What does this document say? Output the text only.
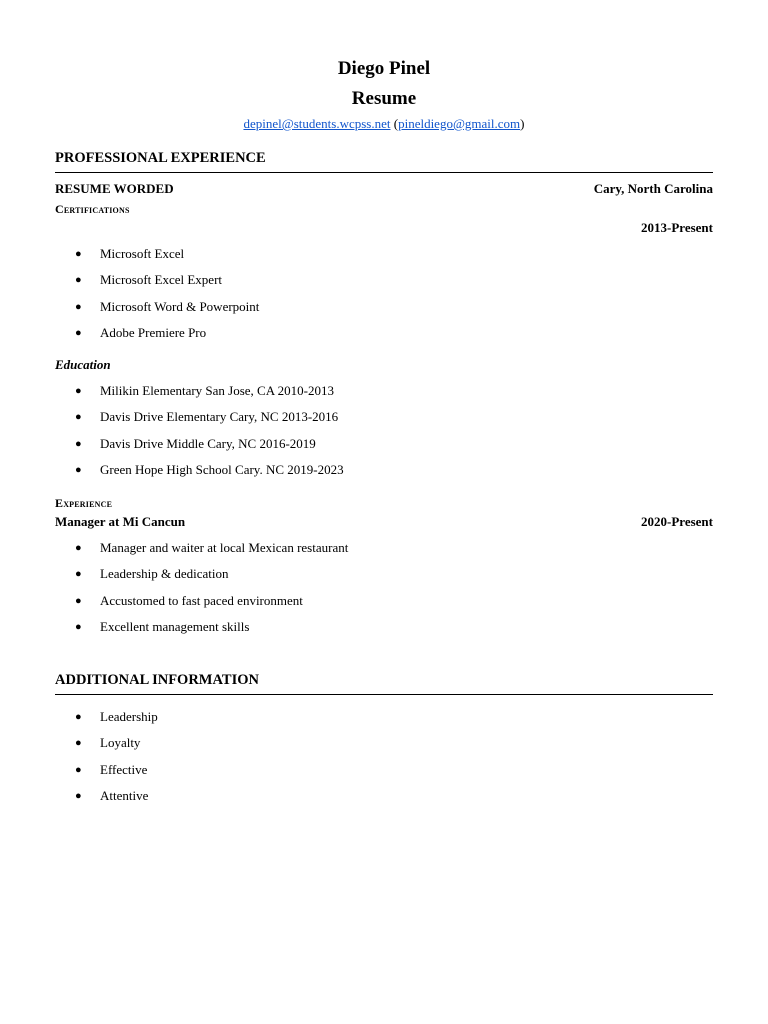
Diego Pinel
Resume
depinel@students.wcpss.net (pineldiego@gmail.com)
PROFESSIONAL EXPERIENCE
RESUME WORDED	Cary, North Carolina
Certifications
2013-Present
● Microsoft Excel
● Microsoft Excel Expert
● Microsoft Word & Powerpoint
● Adobe Premiere Pro
Education
● Milikin Elementary San Jose, CA 2010-2013
● Davis Drive Elementary Cary, NC 2013-2016
● Davis Drive Middle Cary, NC 2016-2019
● Green Hope High School Cary. NC 2019-2023
Experience
Manager at Mi Cancun	2020-Present
● Manager and waiter at local Mexican restaurant
● Leadership & dedication
● Accustomed to fast paced environment
● Excellent management skills
ADDITIONAL INFORMATION
● Leadership
● Loyalty
● Effective
● Attentive
